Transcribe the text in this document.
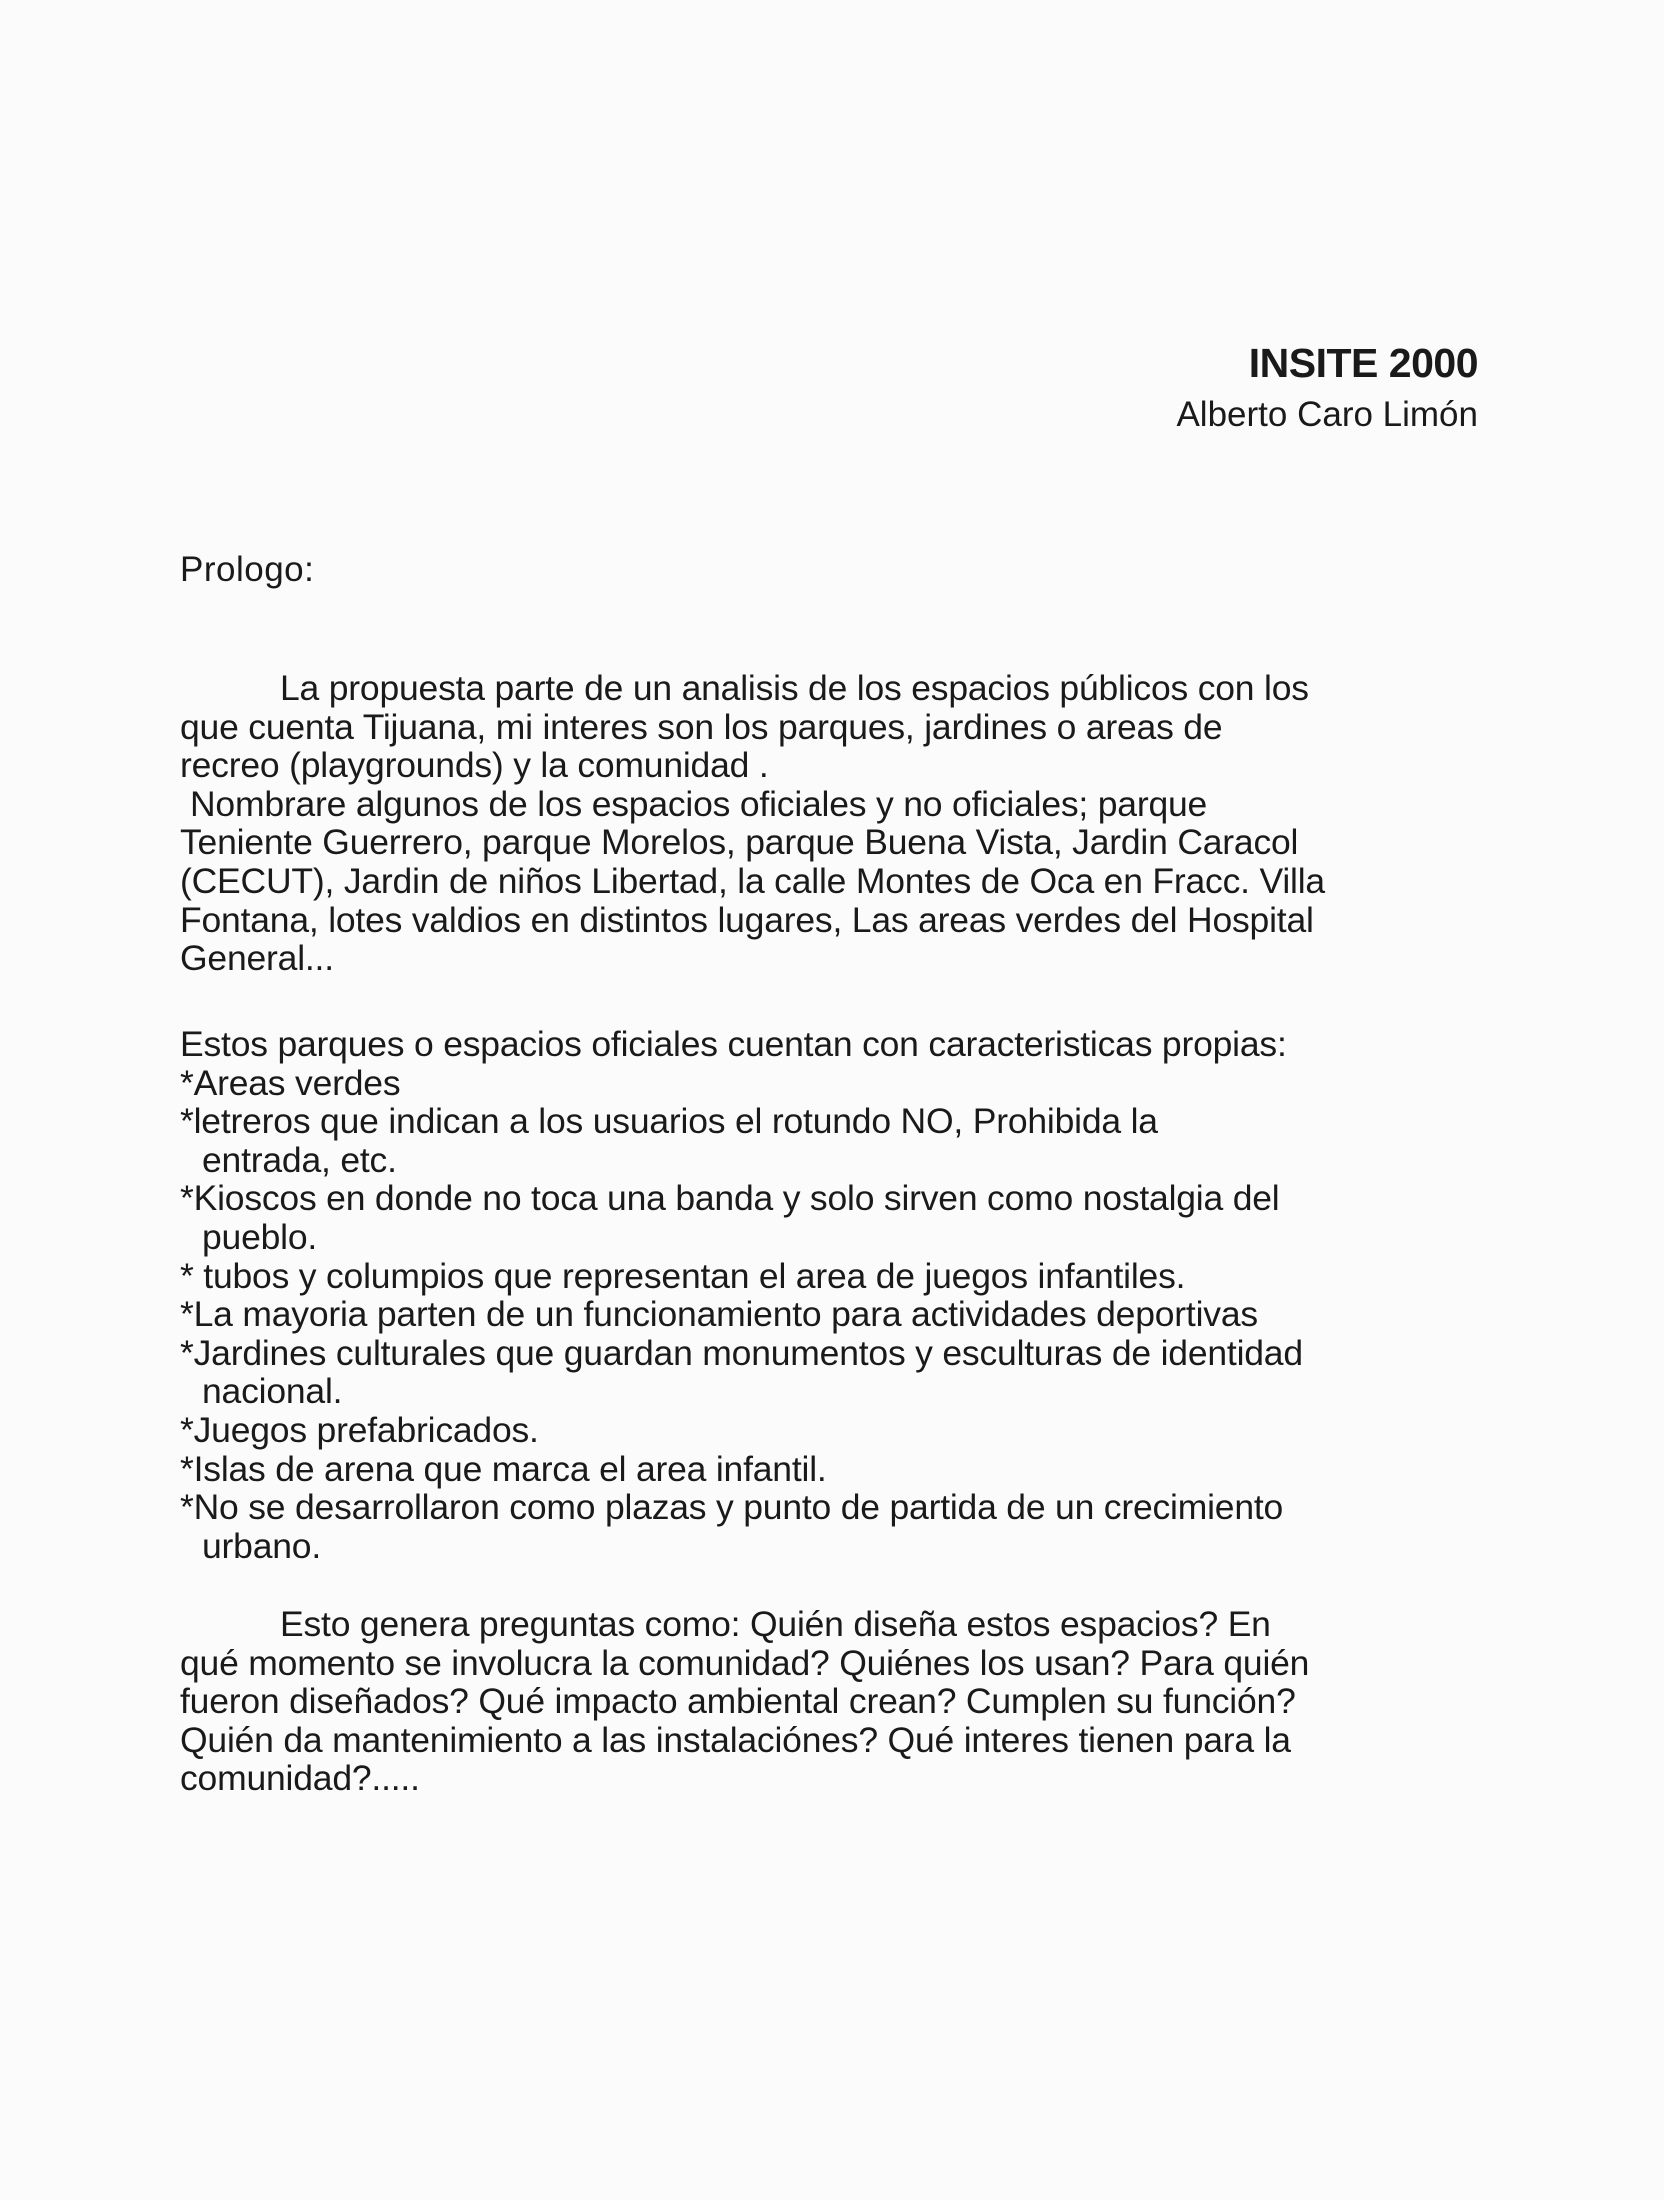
INSITE 2000
Alberto Caro Limón
Prologo:
La propuesta parte de un analisis de los espacios públicos con los
que cuenta Tijuana, mi interes son los parques, jardines o areas de
recreo (playgrounds) y la comunidad .
Nombrare algunos de los espacios oficiales y no oficiales; parque
Teniente Guerrero, parque Morelos, parque Buena Vista, Jardin Caracol
(CECUT), Jardin de niños Libertad, la calle Montes de Oca en Fracc. Villa
Fontana, lotes valdios en distintos lugares, Las areas verdes del Hospital
General...
Estos parques o espacios oficiales cuentan con caracteristicas propias:
*Areas verdes
*letreros que indican a los usuarios el rotundo NO, Prohibida la
entrada, etc.
*Kioscos en donde no toca una banda y solo sirven como nostalgia del
pueblo.
* tubos y columpios que representan el area de juegos infantiles.
*La mayoria parten de un funcionamiento para actividades deportivas
*Jardines culturales que guardan monumentos y esculturas de identidad
nacional.
*Juegos prefabricados.
*Islas de arena que marca el area infantil.
*No se desarrollaron como plazas y punto de partida de un crecimiento
urbano.
Esto genera preguntas como: Quién diseña estos espacios? En
qué momento se involucra la comunidad? Quiénes los usan? Para quién
fueron diseñados? Qué impacto ambiental crean? Cumplen su función?
Quién da mantenimiento a las instalaciónes? Qué interes tienen para la
comunidad?.....
